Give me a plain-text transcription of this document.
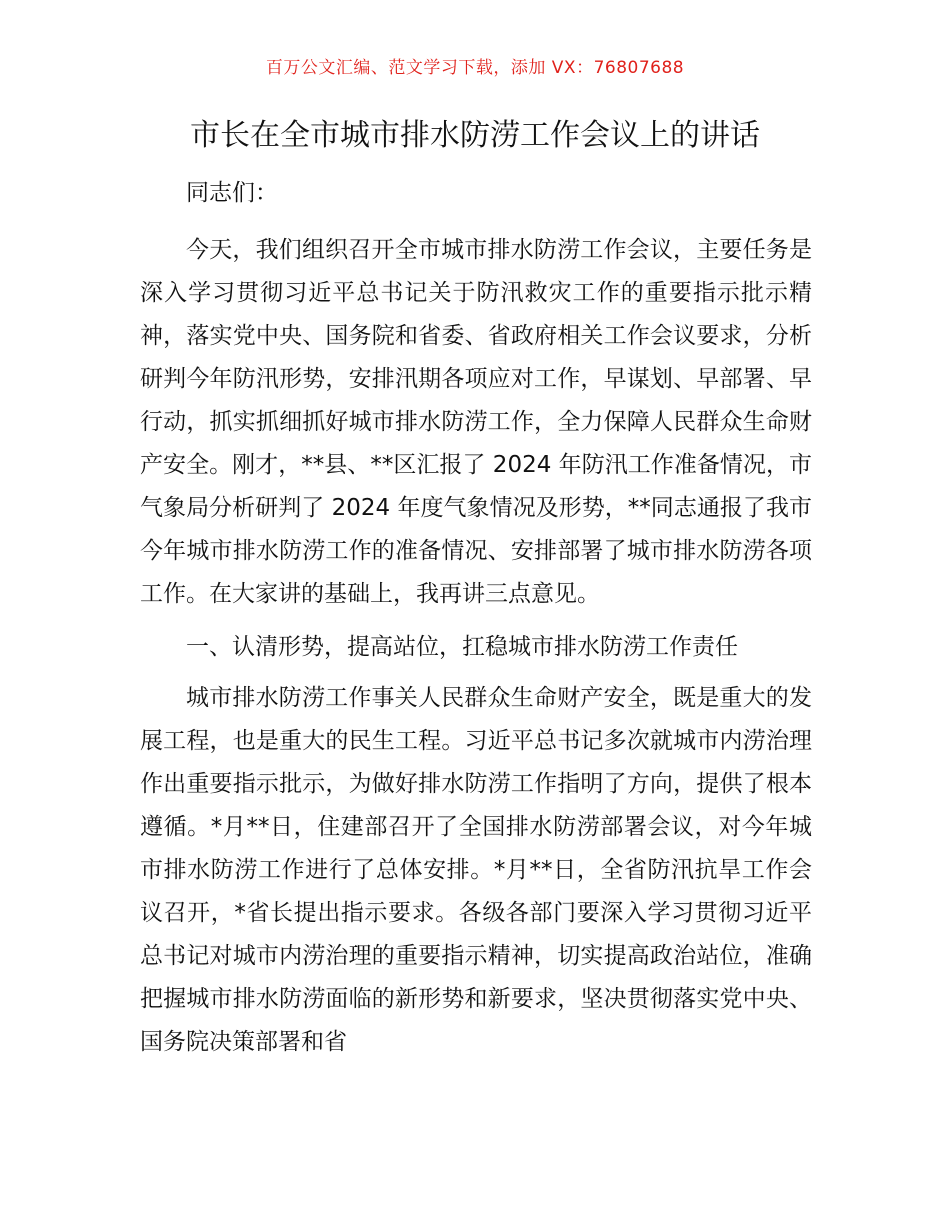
百万公文汇编、范文学习下载，添加 VX：76807688
市长在全市城市排水防涝工作会议上的讲话

同志们：

今天，我们组织召开全市城市排水防涝工作会议，主要任务是深入学习贯彻习近平总书记关于防汛救灾工作的重要指示批示精神，落实党中央、国务院和省委、省政府相关工作会议要求，分析研判今年防汛形势，安排汛期各项应对工作，早谋划、早部署、早行动，抓实抓细抓好城市排水防涝工作，全力保障人民群众生命财产安全。刚才，**县、**区汇报了 2024 年防汛工作准备情况，市气象局分析研判了 2024 年度气象情况及形势，**同志通报了我市今年城市排水防涝工作的准备情况、安排部署了城市排水防涝各项工作。在大家讲的基础上，我再讲三点意见。

一、认清形势，提高站位，扛稳城市排水防涝工作责任

城市排水防涝工作事关人民群众生命财产安全，既是重大的发展工程，也是重大的民生工程。习近平总书记多次就城市内涝治理作出重要指示批示，为做好排水防涝工作指明了方向，提供了根本遵循。*月**日，住建部召开了全国排水防涝部署会议，对今年城市排水防涝工作进行了总体安排。*月**日，全省防汛抗旱工作会议召开，*省长提出指示要求。各级各部门要深入学习贯彻习近平总书记对城市内涝治理的重要指示精神，切实提高政治站位，准确把握城市排水防涝面临的新形势和新要求，坚决贯彻落实党中央、国务院决策部署和省
